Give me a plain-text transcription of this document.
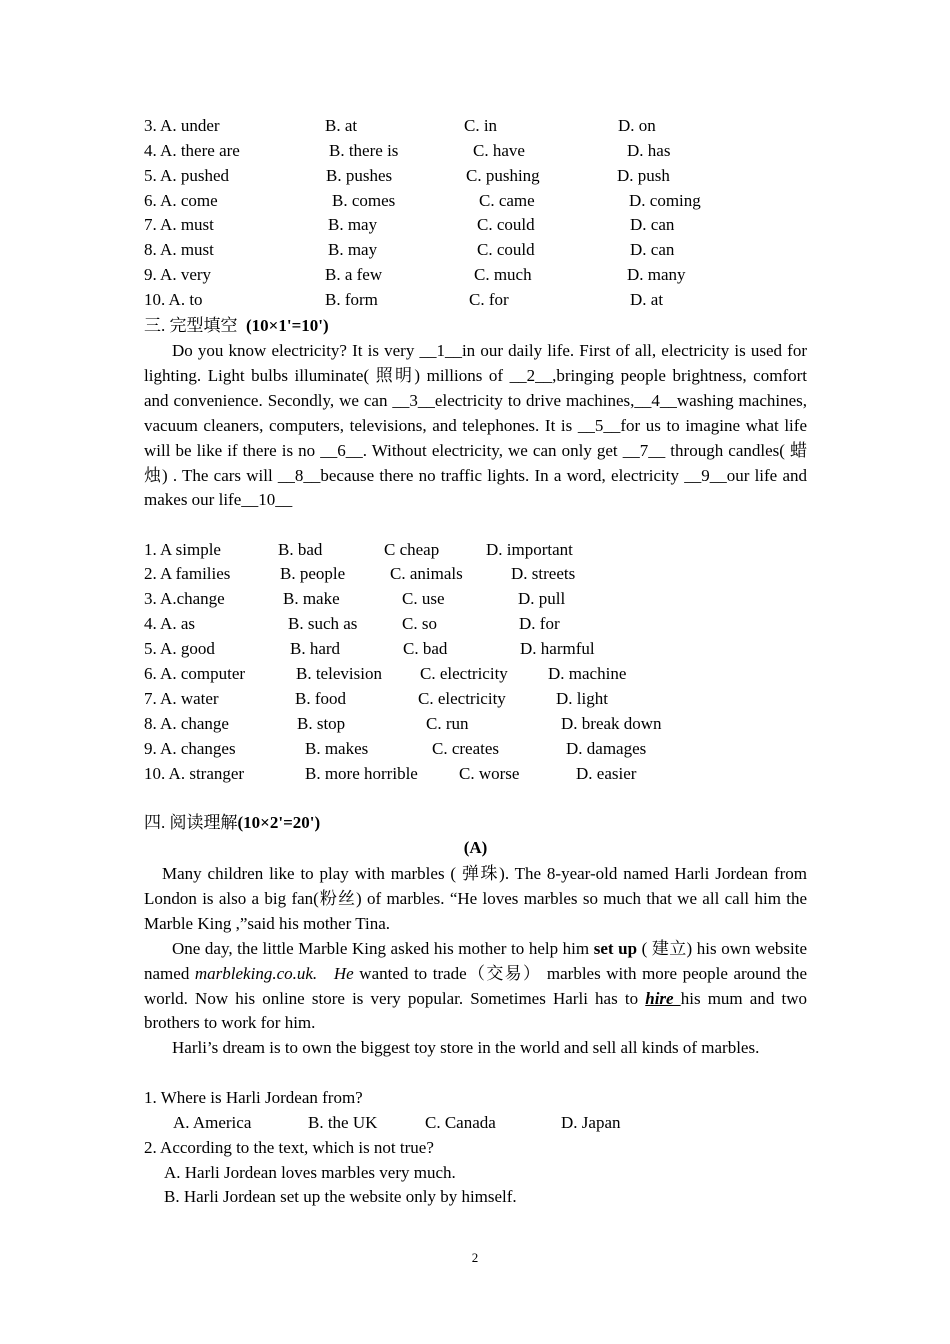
3. A. under	B. at	C. in	D. on
4. A. there are	B. there is	C. have	D. has
5. A. pushed	B. pushes	C. pushing	D. push
6. A. come	B. comes	C. came	D. coming
7. A. must	B. may	C. could	D. can
8. A. must	B. may	C. could	D. can
9. A. very	B. a few	C. much	D. many
10. A. to	B. form	C. for	D. at
三. 完型填空 (10×1'=10')

Do you know electricity? It is very __1__in our daily life. First of all, electricity is used for lighting. Light bulbs illuminate( 照明) millions of __2__,bringing people brightness, comfort and convenience. Secondly, we can __3__electricity to drive machines,__4__washing machines, vacuum cleaners, computers, televisions, and telephones. It is __5__for us to imagine what life will be like if there is no __6__. Without electricity, we can only get __7__ through candles( 蜡烛) . The cars will __8__because there no traffic lights. In a word, electricity __9__our life and makes our life__10__

1. A simple	B. bad	C cheap	D. important
2. A families	B. people	C. animals	D. streets
3. A.change	B. make	C. use	D. pull
4. A. as	B. such as	C. so	D. for
5. A. good	B. hard	C. bad	D. harmful
6. A. computer	B. television C. electricity D. machine
7. A. water	B. food	C. electricity	D. light
8. A. change	B. stop	C. run	D. break down
9. A. changes	B. makes	C. creates	D. damages
10. A. stranger	B. more horrible C. worse	D. easier
四. 阅读理解(10×2'=20')
(A)

Many children like to play with marbles ( 弹珠). The 8-year-old named Harli Jordean from London is also a big fan(粉丝) of marbles. “He loves marbles so much that we all call him the Marble King ,”said his mother Tina.

One day, the little Marble King asked his mother to help him set up ( 建立) his own website named marbleking.co.uk. He wanted to trade（交易） marbles with more people around the world. Now his online store is very popular. Sometimes Harli has to hire his mum and two brothers to work for him.

Harli’s dream is to own the biggest toy store in the world and sell all kinds of marbles.

1. Where is Harli Jordean from?
A. America	B. the UK	C. Canada	D. Japan
2. According to the text, which is not true?
A. Harli Jordean loves marbles very much.
B. Harli Jordean set up the website only by himself.
2
